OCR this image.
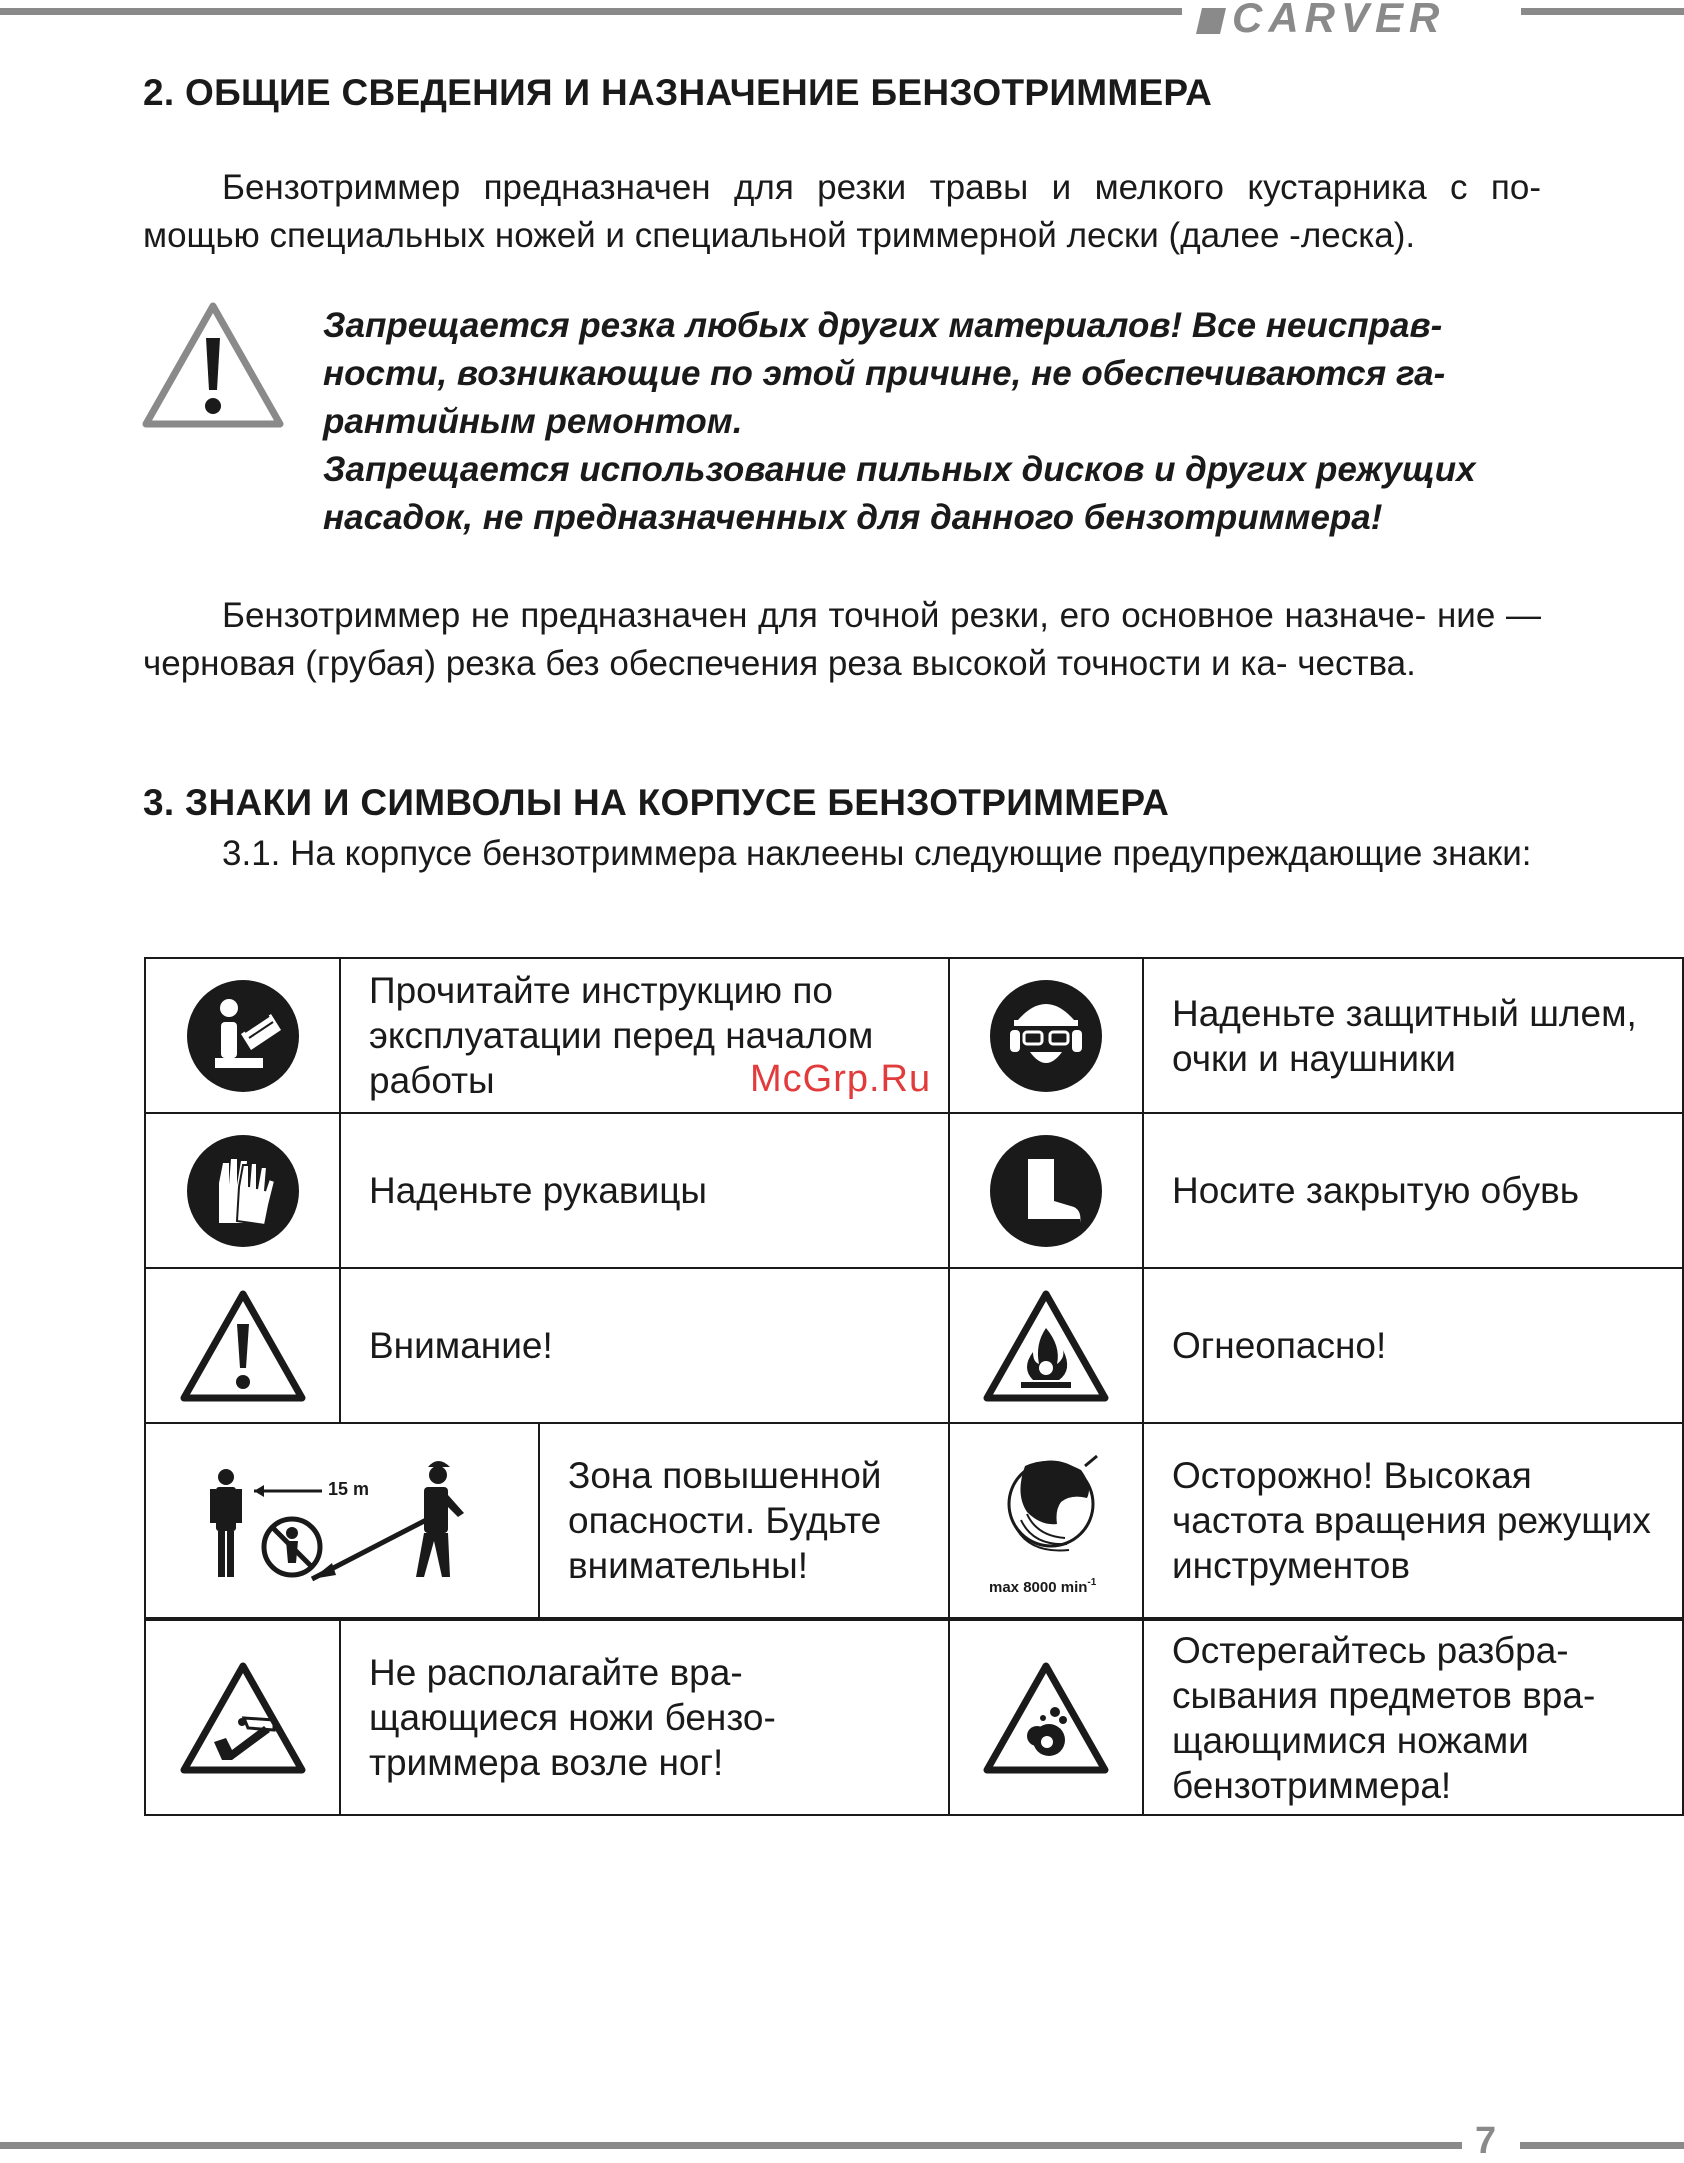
CARVER
2. ОБЩИЕ СВЕДЕНИЯ И НАЗНАЧЕНИЕ БЕНЗОТРИММЕРА

Бензотриммер предназначен для резки травы и мелкого кустарника с по- мощью специальных ножей и специальной триммерной лески (далее -леска).

Запрещается резка любых других материалов! Все неисправ- ности, возникающие по этой причине, не обеспечиваются га- рантийным ремонтом.
Запрещается использование пильных дисков и других режущих насадок, не предназначенных для данного бензотриммера!

Бензотриммер не предназначен для точной резки, его основное назначе- ние — черновая (грубая) резка без обеспечения реза высокой точности и ка- чества.

3. ЗНАКИ И СИМВОЛЫ НА КОРПУСЕ БЕНЗОТРИММЕРА

3.1. На корпусе бензотриммера наклеены следующие предупреждающие знаки:

	Прочитайте инструкцию по эксплуатации перед началом работы			Наденьте защитный шлем, очки и наушники

	Наденьте рукавицы			Носите закрытую обувь

	Внимание!			Огнеопасно!

15 m		Зона повышенной опасности. Будьте внимательны!	max 8000 $\min^{-1}$	Осторожно! Высокая частота вращения режущих инструментов

	Не располагайте вра- щающиеся ножи бензо- триммера возле ног!			Остерегайтесь разбра- сывания предметов вра- щающимися ножами бензотриммера!
McGrp.Ru
7
